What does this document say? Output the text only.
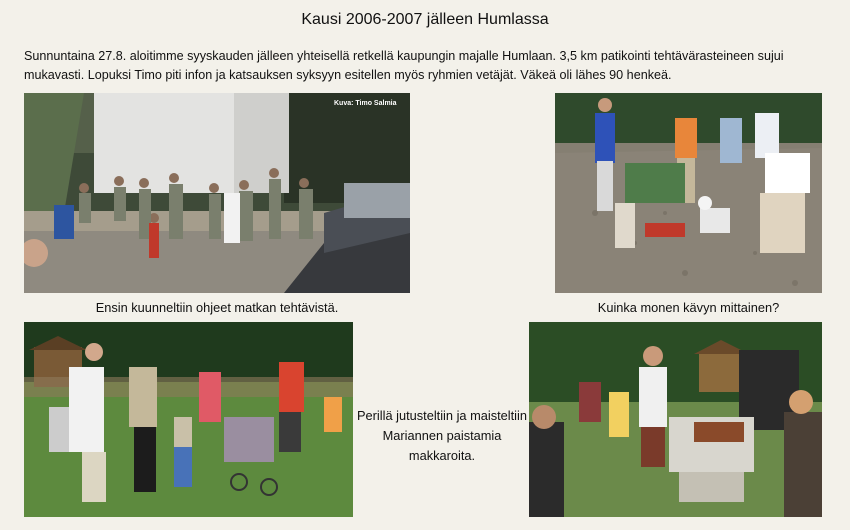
Kausi 2006-2007 jälleen Humlassa
Sunnuntaina 27.8. aloitimme syyskauden jälleen yhteisellä retkellä kaupungin majalle Humlaan. 3,5 km patikointi tehtävärasteineen sujui mukavasti. Lopuksi Timo piti infon ja katsauksen syksyyn esitellen myös ryhmien vetäjät. Väkeä oli lähes 90 henkeä.
Kuva: Timo Salmia
Ensin kuunneltiin ohjeet matkan tehtävistä.	Kuinka monen kävyn mittainen?
Perillä jutusteltiin ja maisteltiin Mariannen paistamia makkaroita.
